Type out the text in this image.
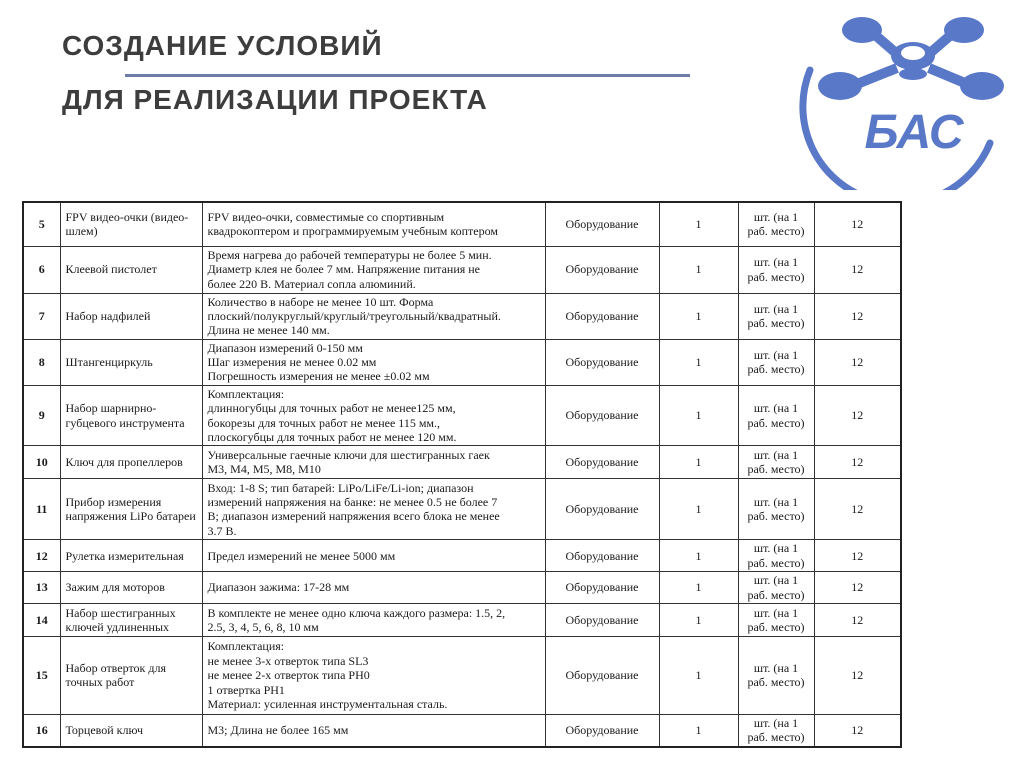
СОЗДАНИЕ УСЛОВИЙ
ДЛЯ РЕАЛИЗАЦИИ ПРОЕКТА
БАС
5	FPV видео-очки (видео-шлем)	FPV видео-очки, совместимые со спортивным
квадрокоптером и программируемым учебным коптером	Оборудование	1	шт. (на 1 раб. место)	12
6	Клеевой пистолет	Время нагрева до рабочей температуры не более 5 мин.
Диаметр клея не более 7 мм. Напряжение питания не
более 220 В. Материал сопла алюминий.	Оборудование	1	шт. (на 1 раб. место)	12
7	Набор надфилей	Количество в наборе не менее 10 шт. Форма
плоский/полукруглый/круглый/треугольный/квадратный.
Длина не менее 140 мм.	Оборудование	1	шт. (на 1 раб. место)	12
8	Штангенциркуль	Диапазон измерений 0-150 мм
Шаг измерения не менее 0.02 мм
Погрешность измерения не менее ±0.02 мм	Оборудование	1	шт. (на 1 раб. место)	12
9	Набор шарнирно-губцевого инструмента	Комплектация:
длинногубцы для точных работ не менее125 мм,
бокорезы для точных работ не менее 115 мм.,
плоскогубцы для точных работ не менее 120 мм.	Оборудование	1	шт. (на 1 раб. место)	12
10	Ключ для пропеллеров	Универсальные гаечные ключи для шестигранных гаек
М3, М4, М5, М8, М10	Оборудование	1	шт. (на 1 раб. место)	12
11	Прибор измерения напряжения LiPo батареи	Вход: 1-8 S; тип батарей: LiPo/LiFe/Li-ion; диапазон
измерений напряжения на банке: не менее 0.5 не более 7
В; диапазон измерений напряжения всего блока не менее
3.7 В.	Оборудование	1	шт. (на 1 раб. место)	12
12	Рулетка измерительная	Предел измерений не менее 5000 мм	Оборудование	1	шт. (на 1 раб. место)	12
13	Зажим для моторов	Диапазон зажима: 17-28 мм	Оборудование	1	шт. (на 1 раб. место)	12
14	Набор шестигранных ключей удлиненных	В комплекте не менее одно ключа каждого размера: 1.5, 2,
2.5, 3, 4, 5, 6, 8, 10 мм	Оборудование	1	шт. (на 1 раб. место)	12
15	Набор отверток для точных работ	Комплектация:
не менее 3-х отверток типа SL3
не менее 2-х отверток типа PH0
1 отвертка PH1
Материал: усиленная инструментальная сталь.	Оборудование	1	шт. (на 1 раб. место)	12
16	Торцевой ключ	М3; Длина не более 165 мм	Оборудование	1	шт. (на 1 раб. место)	12
